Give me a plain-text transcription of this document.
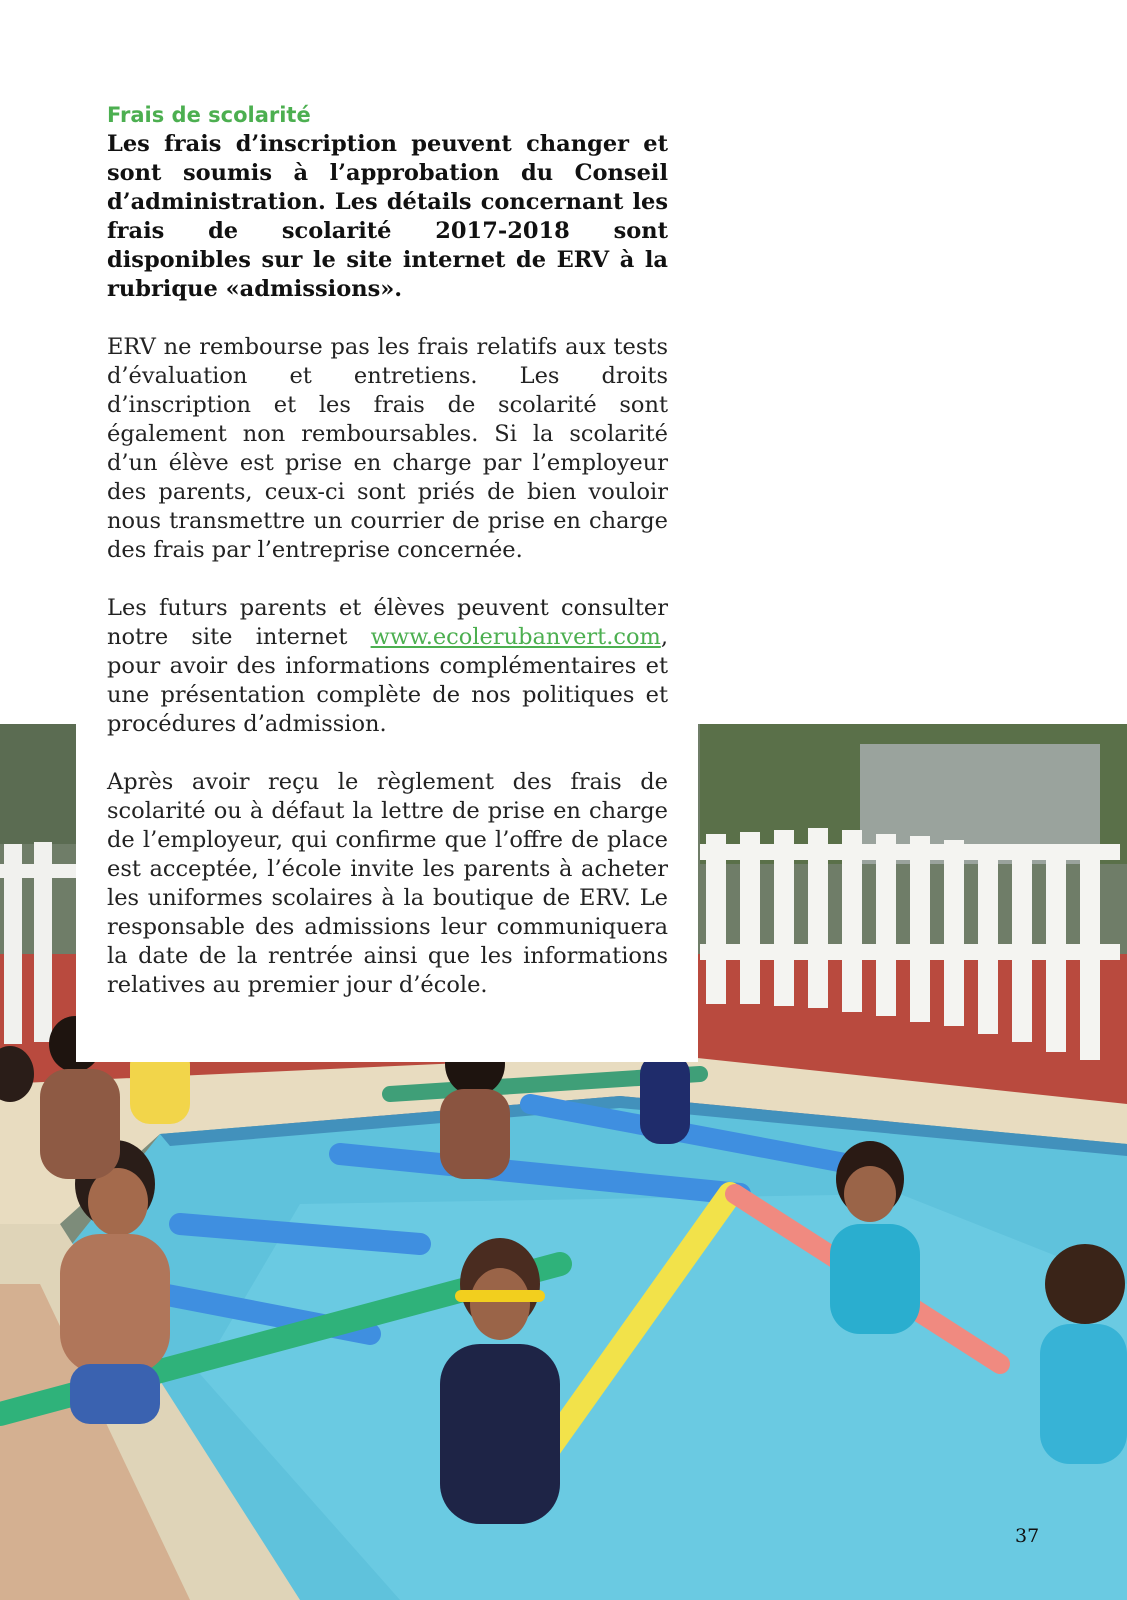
Frais de scolarité

Les frais d’inscription peuvent changer et sont soumis à l’approbation du Conseil d’administration. Les détails concernant les frais de scolarité 2017-2018 sont disponibles sur le site internet de ERV à la rubrique «admissions».

ERV ne rembourse pas les frais relatifs aux tests d’évaluation et entretiens. Les droits d’inscription et les frais de scolarité sont également non remboursables. Si la scolarité d’un élève est prise en charge par l’employeur des parents, ceux-ci sont priés de bien vouloir nous transmettre un courrier de prise en charge des frais par l’entreprise concernée.

Les futurs parents et élèves peuvent consulter notre site internet www.ecolerubanvert.com, pour avoir des informations complémentaires et une présentation complète de nos politiques et procédures d’admission.

Après avoir reçu le règlement des frais de scolarité ou à défaut la lettre de prise en charge de l’employeur, qui confirme que l’offre de place est acceptée, l’école invite les parents à acheter les uniformes scolaires à la boutique de ERV. Le responsable des admissions leur communiquera la date de la rentrée ainsi que les informations relatives au premier jour d’école.

37
